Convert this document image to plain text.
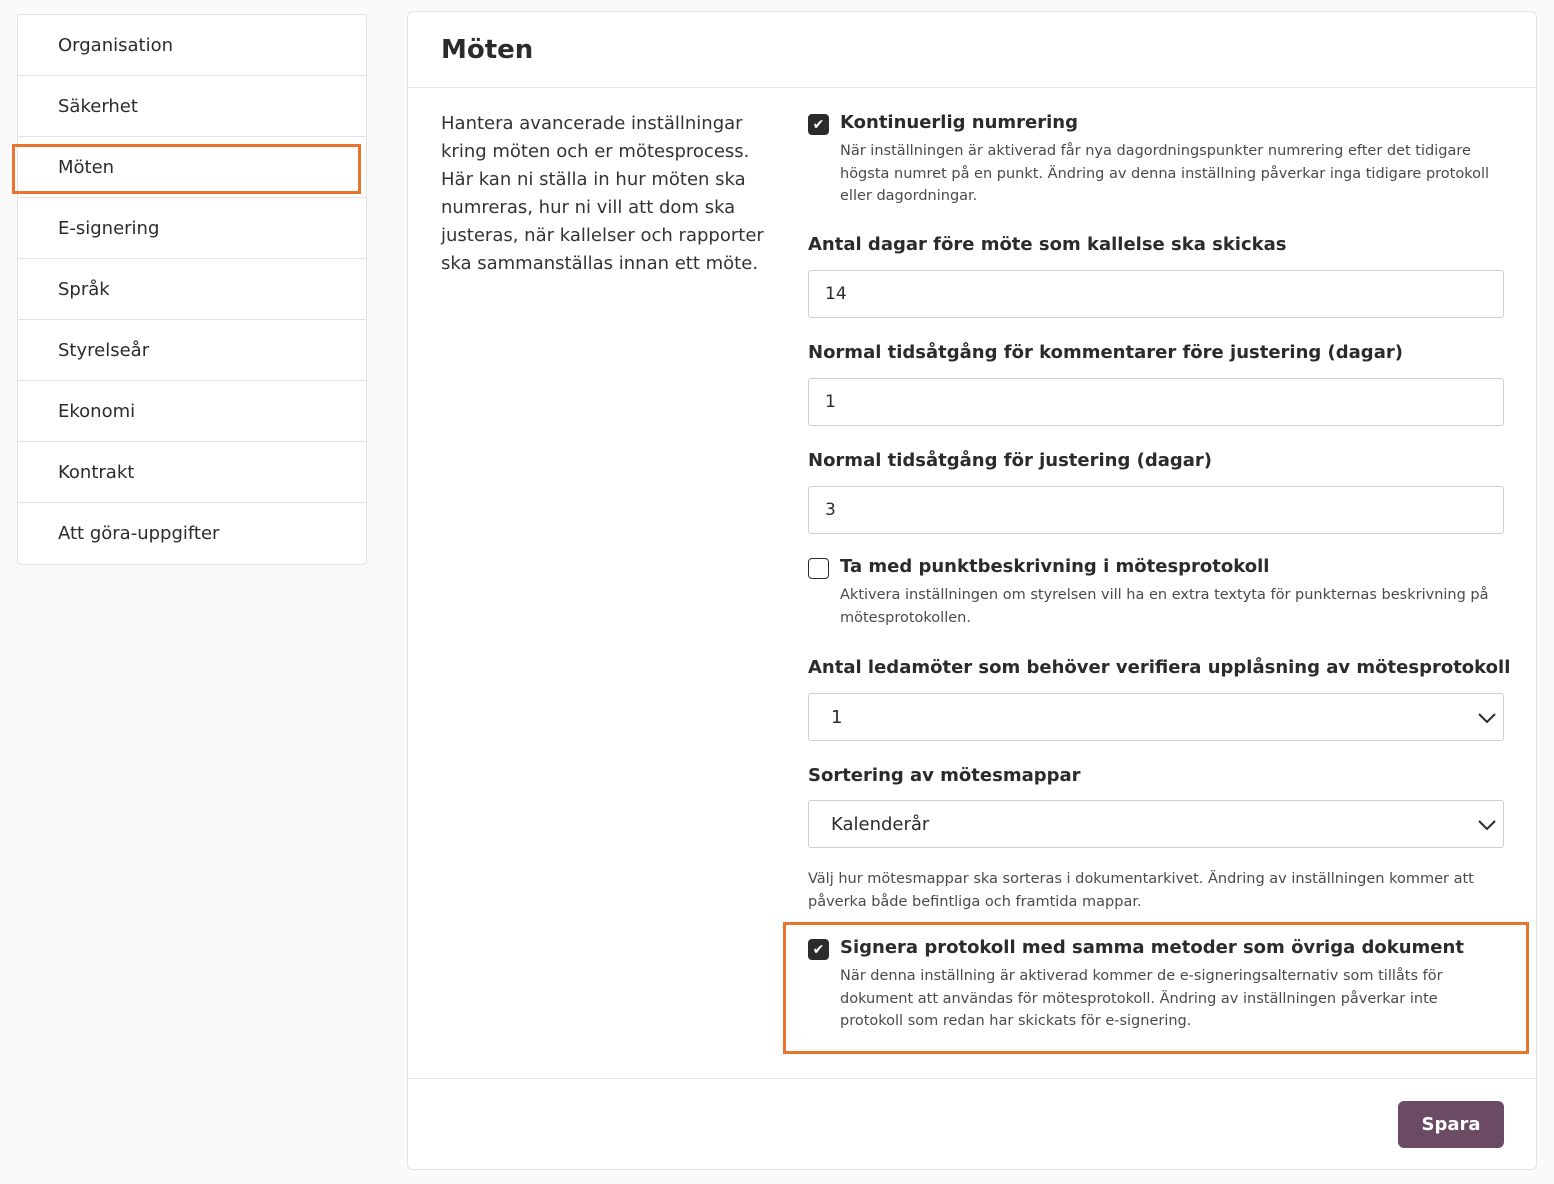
Organisation
Säkerhet
Möten
E-signering
Språk
Styrelseår
Ekonomi
Kontrakt
Att göra-uppgifter
Möten

Hantera avancerade inställningar kring möten och er mötesprocess. Här kan ni ställa in hur möten ska numreras, hur ni vill att dom ska justeras, när kallelser och rapporter ska sammanställas innan ett möte.

✔ Kontinuerlig numrering
När inställningen är aktiverad får nya dagordningspunkter numrering efter det tidigare högsta numret på en punkt. Ändring av denna inställning påverkar inga tidigare protokoll eller dagordningar.
Antal dagar före möte som kallelse ska skickas
14
Normal tidsåtgång för kommentarer före justering (dagar)
1
Normal tidsåtgång för justering (dagar)
3
Ta med punktbeskrivning i mötesprotokoll
Aktivera inställningen om styrelsen vill ha en extra textyta för punkternas beskrivning på mötesprotokollen.
Antal ledamöter som behöver verifiera upplåsning av mötesprotokoll
1
Sortering av mötesmappar
Kalenderår
Välj hur mötesmappar ska sorteras i dokumentarkivet. Ändring av inställningen kommer att påverka både befintliga och framtida mappar.
✔ Signera protokoll med samma metoder som övriga dokument
När denna inställning är aktiverad kommer de e-signeringsalternativ som tillåts för dokument att användas för mötesprotokoll. Ändring av inställningen påverkar inte protokoll som redan har skickats för e-signering.
Spara
